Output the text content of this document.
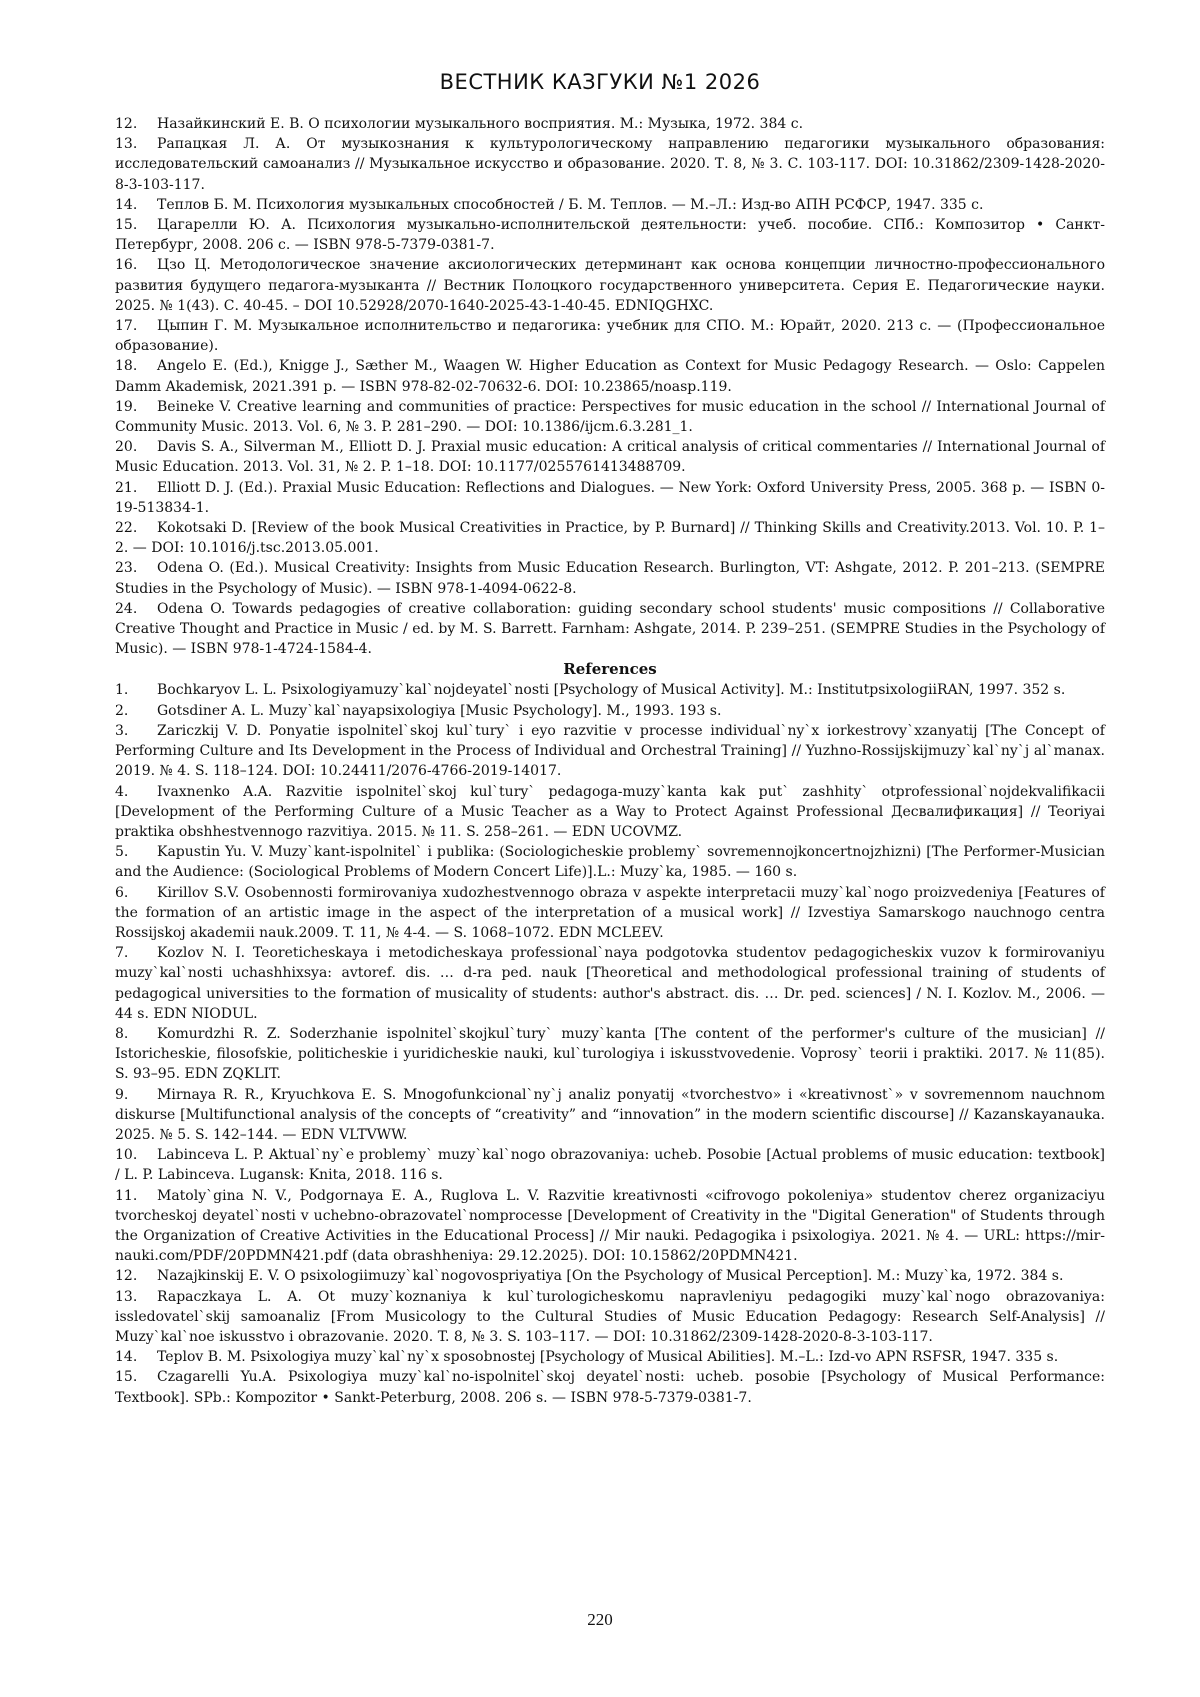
ВЕСТНИК КАЗГУКИ №1 2026
12. Назайкинский Е. В. О психологии музыкального восприятия. М.: Музыка, 1972. 384 с.
13. Рапацкая Л. А. От музыкознания к культурологическому направлению педагогики музыкального образования: исследовательский самоанализ // Музыкальное искусство и образование. 2020. Т. 8, № 3. С. 103-117. DOI: 10.31862/2309-1428-2020-8-3-103-117.
14. Теплов Б. М. Психология музыкальных способностей / Б. М. Теплов. — М.–Л.: Изд-во АПН РСФСР, 1947. 335 с.
15. Цагарелли Ю. А. Психология музыкально-исполнительской деятельности: учеб. пособие. СПб.: Композитор • Санкт-Петербург, 2008. 206 с. — ISBN 978-5-7379-0381-7.
16. Цзо Ц. Методологическое значение аксиологических детерминант как основа концепции личностно-профессионального развития будущего педагога-музыканта // Вестник Полоцкого государственного университета. Серия Е. Педагогические науки. 2025. № 1(43). С. 40-45. – DOI 10.52928/2070-1640-2025-43-1-40-45. EDNIQGHXC.
17. Цыпин Г. М. Музыкальное исполнительство и педагогика: учебник для СПО. М.: Юрайт, 2020. 213 с. — (Профессиональное образование).
18. Angelo E. (Ed.), Knigge J., Sæther M., Waagen W. Higher Education as Context for Music Pedagogy Research. — Oslo: Cappelen Damm Akademisk, 2021.391 p. — ISBN 978-82-02-70632-6. DOI: 10.23865/noasp.119.
19. Beineke V. Creative learning and communities of practice: Perspectives for music education in the school // International Journal of Community Music. 2013. Vol. 6, № 3. P. 281–290. — DOI: 10.1386/ijcm.6.3.281_1.
20. Davis S. A., Silverman M., Elliott D. J. Praxial music education: A critical analysis of critical commentaries // International Journal of Music Education. 2013. Vol. 31, № 2. P. 1–18. DOI: 10.1177/0255761413488709.
21. Elliott D. J. (Ed.). Praxial Music Education: Reflections and Dialogues. — New York: Oxford University Press, 2005. 368 p. — ISBN 0-19-513834-1.
22. Kokotsaki D. [Review of the book Musical Creativities in Practice, by P. Burnard] // Thinking Skills and Creativity.2013. Vol. 10. P. 1–2. — DOI: 10.1016/j.tsc.2013.05.001.
23. Odena O. (Ed.). Musical Creativity: Insights from Music Education Research. Burlington, VT: Ashgate, 2012. P. 201–213. (SEMPRE Studies in the Psychology of Music). — ISBN 978-1-4094-0622-8.
24. Odena O. Towards pedagogies of creative collaboration: guiding secondary school students' music compositions // Collaborative Creative Thought and Practice in Music / ed. by M. S. Barrett. Farnham: Ashgate, 2014. P. 239–251. (SEMPRE Studies in the Psychology of Music). — ISBN 978-1-4724-1584-4.
References
1. Bochkaryov L. L. Psixologiyamuzy`kal`nojdeyatel`nosti [Psychology of Musical Activity]. M.: InstitutpsixologiiRAN, 1997. 352 s.
2. Gotsdiner A. L. Muzy`kal`nayapsixologiya [Music Psychology]. M., 1993. 193 s.
3. Zariczkij V. D. Ponyatie ispolnitel`skoj kul`tury` i eyo razvitie v processe individual`ny`x iorkestrovy`xzanyatij [The Concept of Performing Culture and Its Development in the Process of Individual and Orchestral Training] // Yuzhno-Rossijskijmuzy`kal`ny`j al`manax. 2019. № 4. S. 118–124. DOI: 10.24411/2076-4766-2019-14017.
4. Ivaxnenko A.A. Razvitie ispolnitel`skoj kul`tury` pedagoga-muzy`kanta kak put` zashhity` otprofessional`nojdekvalifikacii [Development of the Performing Culture of a Music Teacher as a Way to Protect Against Professional Десвалификация] // Teoriyai praktika obshhestvennogo razvitiya. 2015. № 11. S. 258–261. — EDN UCOVMZ.
5. Kapustin Yu. V. Muzy`kant-ispolnitel` i publika: (Sociologicheskie problemy` sovremennojkoncertnojzhizni) [The Performer-Musician and the Audience: (Sociological Problems of Modern Concert Life)].L.: Muzy`ka, 1985. — 160 s.
6. Kirillov S.V. Osobennosti formirovaniya xudozhestvennogo obraza v aspekte interpretacii muzy`kal`nogo proizvedeniya [Features of the formation of an artistic image in the aspect of the interpretation of a musical work] // Izvestiya Samarskogo nauchnogo centra Rossijskoj akademii nauk.2009. T. 11, № 4-4. — S. 1068–1072. EDN MCLEEV.
7. Kozlov N. I. Teoreticheskaya i metodicheskaya professional`naya podgotovka studentov pedagogicheskix vuzov k formirovaniyu muzy`kal`nosti uchashhixsya: avtoref. dis. … d-ra ped. nauk [Theoretical and methodological professional training of students of pedagogical universities to the formation of musicality of students: author's abstract. dis. … Dr. ped. sciences] / N. I. Kozlov. M., 2006. — 44 s. EDN NIODUL.
8. Komurdzhi R. Z. Soderzhanie ispolnitel`skojkul`tury` muzy`kanta [The content of the performer's culture of the musician] // Istoricheskie, filosofskie, politicheskie i yuridicheskie nauki, kul`turologiya i iskusstvovedenie. Voprosy` teorii i praktiki. 2017. № 11(85). S. 93–95. EDN ZQKLIT.
9. Mirnaya R. R., Kryuchkova E. S. Mnogofunkcional`ny`j analiz ponyatij «tvorchestvo» i «kreativnost`» v sovremennom nauchnom diskurse [Multifunctional analysis of the concepts of “creativity” and “innovation” in the modern scientific discourse] // Kazanskayanauka. 2025. № 5. S. 142–144. — EDN VLTVWW.
10. Labinceva L. P. Aktual`ny`e problemy` muzy`kal`nogo obrazovaniya: ucheb. Posobie [Actual problems of music education: textbook] / L. P. Labinceva. Lugansk: Knita, 2018. 116 s.
11. Matoly`gina N. V., Podgornaya E. A., Ruglova L. V. Razvitie kreativnosti «cifrovogo pokoleniya» studentov cherez organizaciyu tvorcheskoj deyatel`nosti v uchebno-obrazovatel`nomprocesse [Development of Creativity in the "Digital Generation" of Students through the Organization of Creative Activities in the Educational Process] // Mir nauki. Pedagogika i psixologiya. 2021. № 4. — URL: https://mir-nauki.com/PDF/20PDMN421.pdf (data obrashheniya: 29.12.2025). DOI: 10.15862/20PDMN421.
12. Nazajkinskij E. V. O psixologiimuzy`kal`nogovospriyatiya [On the Psychology of Musical Perception]. M.: Muzy`ka, 1972. 384 s.
13. Rapaczkaya L. A. Ot muzy`koznaniya k kul`turologicheskomu napravleniyu pedagogiki muzy`kal`nogo obrazovaniya: issledovatel`skij samoanaliz [From Musicology to the Cultural Studies of Music Education Pedagogy: Research Self-Analysis] // Muzy`kal`noe iskusstvo i obrazovanie. 2020. T. 8, № 3. S. 103–117. — DOI: 10.31862/2309-1428-2020-8-3-103-117.
14. Teplov B. M. Psixologiya muzy`kal`ny`x sposobnostej [Psychology of Musical Abilities]. M.–L.: Izd-vo APN RSFSR, 1947. 335 s.
15. Czagarelli Yu.A. Psixologiya muzy`kal`no-ispolnitel`skoj deyatel`nosti: ucheb. posobie [Psychology of Musical Performance: Textbook]. SPb.: Kompozitor • Sankt-Peterburg, 2008. 206 s. — ISBN 978-5-7379-0381-7.
220
